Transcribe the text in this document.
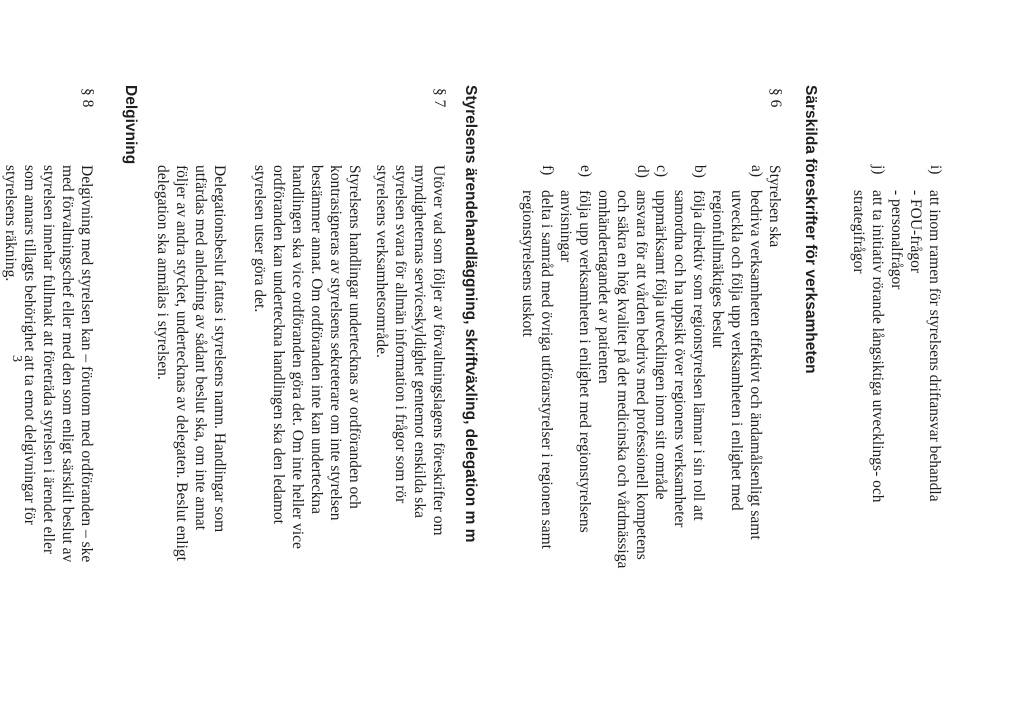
i)
att inom ramen för styrelsens driftansvar behandla
- FOU-frågor
- personalfrågor
j)
att ta initiativ rörande långsiktiga utvecklings- och
strategifrågor
Särskilda föreskrifter för verksamheten
§ 6
Styrelsen ska
a)
bedriva verksamheten effektivt och ändamålsenligt samt
utveckla och följa upp verksamheten i enlighet med
regionfullmäktiges beslut
b)
följa direktiv som regionstyrelsen lämnar i sin roll att
samordna och ha uppsikt över regionens verksamheter
c)
uppmärksamt följa utvecklingen inom sitt område
d)
ansvara för att vården bedrivs med professionell kompetens
och säkra en hög kvalitet på det medicinska och vårdmässiga
omhändertagandet av patienten
e)
följa upp verksamheten i enlighet med regionstyrelsens
anvisningar
f)
delta i samråd med övriga utförarstyrelser i regionen samt
regionstyrelsens utskott
Styrelsens ärendehandläggning, skriftväxling, delegation m m
§ 7
Utöver vad som följer av förvaltningslagens föreskrifter om
myndigheternas serviceskyldighet gentemot enskilda ska
styrelsen svara för allmän information i frågor som rör
styrelsens verksamhetsområde.
Styrelsens handlingar undertecknas av ordföranden och
kontrasigneras av styrelsens sekreterare om inte styrelsen
bestämmer annat. Om ordföranden inte kan underteckna
handlingen ska vice ordföranden göra det. Om inte heller vice
ordföranden kan underteckna handlingen ska den ledamot
styrelsen utser göra det.
Delegationsbeslut fattas i styrelsens namn. Handlingar som
utfärdas med anledning av sådant beslut ska, om inte annat
följer av andra stycket, undertecknas av delegaten. Beslut enligt
delegation ska anmälas i styrelsen.
Delgivning
§ 8
Delgivning med styrelsen kan – förutom med ordföranden – ske
med förvaltningschef eller med den som enligt särskilt beslut av
styrelsen innehar fullmakt att företräda styrelsen i ärendet eller
som annars tillagts behörighet att ta emot delgivningar för
styrelsens räkning.
3
